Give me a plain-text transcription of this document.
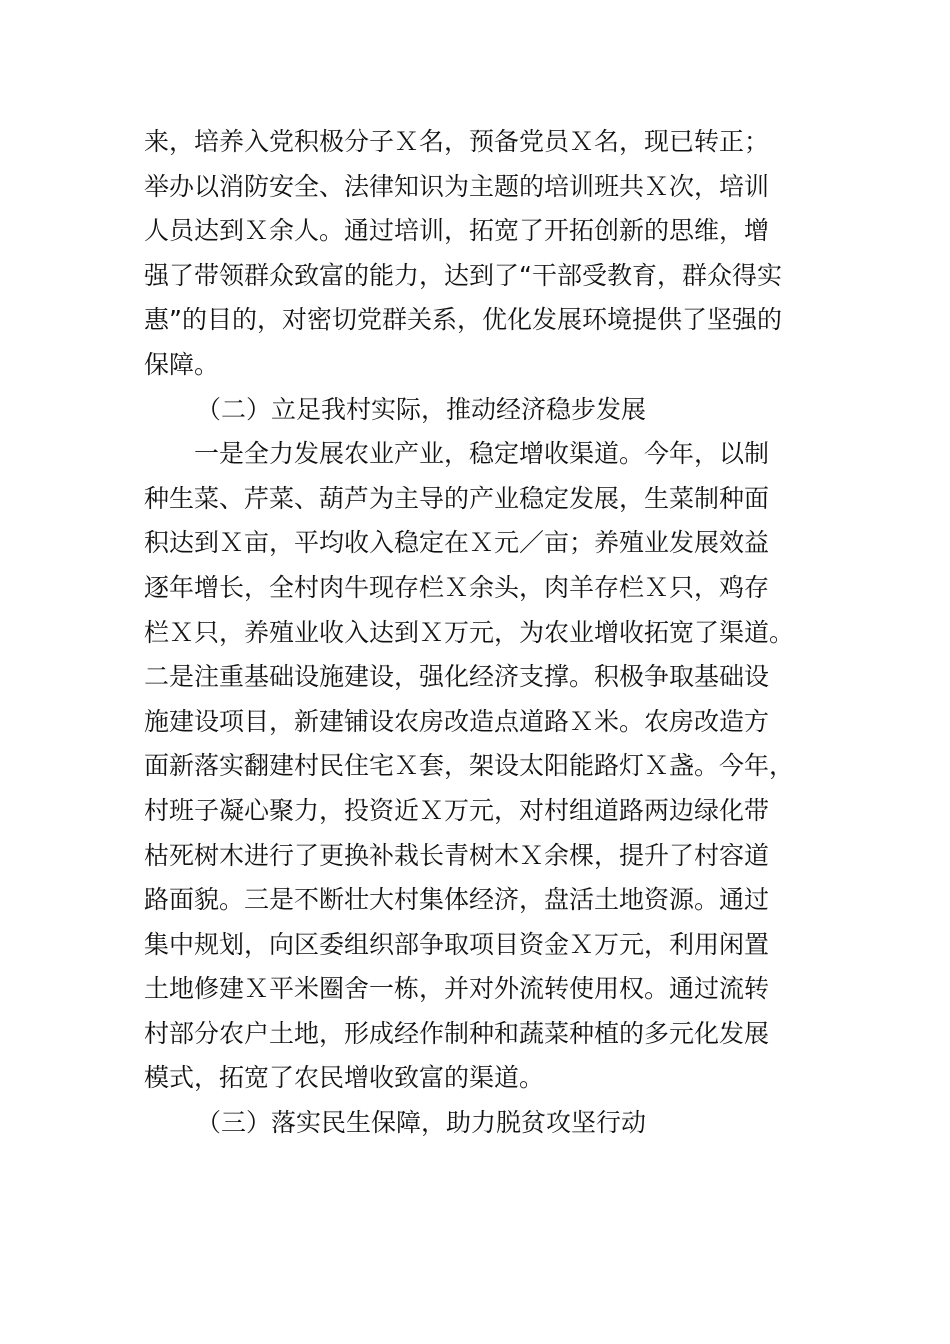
来，培养入党积极分子Ｘ名，预备党员Ｘ名，现已转正；
举办以消防安全、法律知识为主题的培训班共Ｘ次，培训
人员达到Ｘ余人。通过培训，拓宽了开拓创新的思维，增
强了带领群众致富的能力，达到了“干部受教育，群众得实
惠”的目的，对密切党群关系，优化发展环境提供了坚强的
保障。
（二）立足我村实际，推动经济稳步发展
一是全力发展农业产业，稳定增收渠道。今年，以制
种生菜、芹菜、葫芦为主导的产业稳定发展，生菜制种面
积达到Ｘ亩，平均收入稳定在Ｘ元／亩；养殖业发展效益
逐年增长，全村肉牛现存栏Ｘ余头，肉羊存栏Ｘ只，鸡存
栏Ｘ只，养殖业收入达到Ｘ万元，为农业增收拓宽了渠道。
二是注重基础设施建设，强化经济支撑。积极争取基础设
施建设项目，新建铺设农房改造点道路Ｘ米。农房改造方
面新落实翻建村民住宅Ｘ套，架设太阳能路灯Ｘ盏。今年，
村班子凝心聚力，投资近Ｘ万元，对村组道路两边绿化带
枯死树木进行了更换补栽长青树木Ｘ余棵，提升了村容道
路面貌。三是不断壮大村集体经济，盘活土地资源。通过
集中规划，向区委组织部争取项目资金Ｘ万元，利用闲置
土地修建Ｘ平米圈舍一栋，并对外流转使用权。通过流转
村部分农户土地，形成经作制种和蔬菜种植的多元化发展
模式，拓宽了农民增收致富的渠道。
（三）落实民生保障，助力脱贫攻坚行动
